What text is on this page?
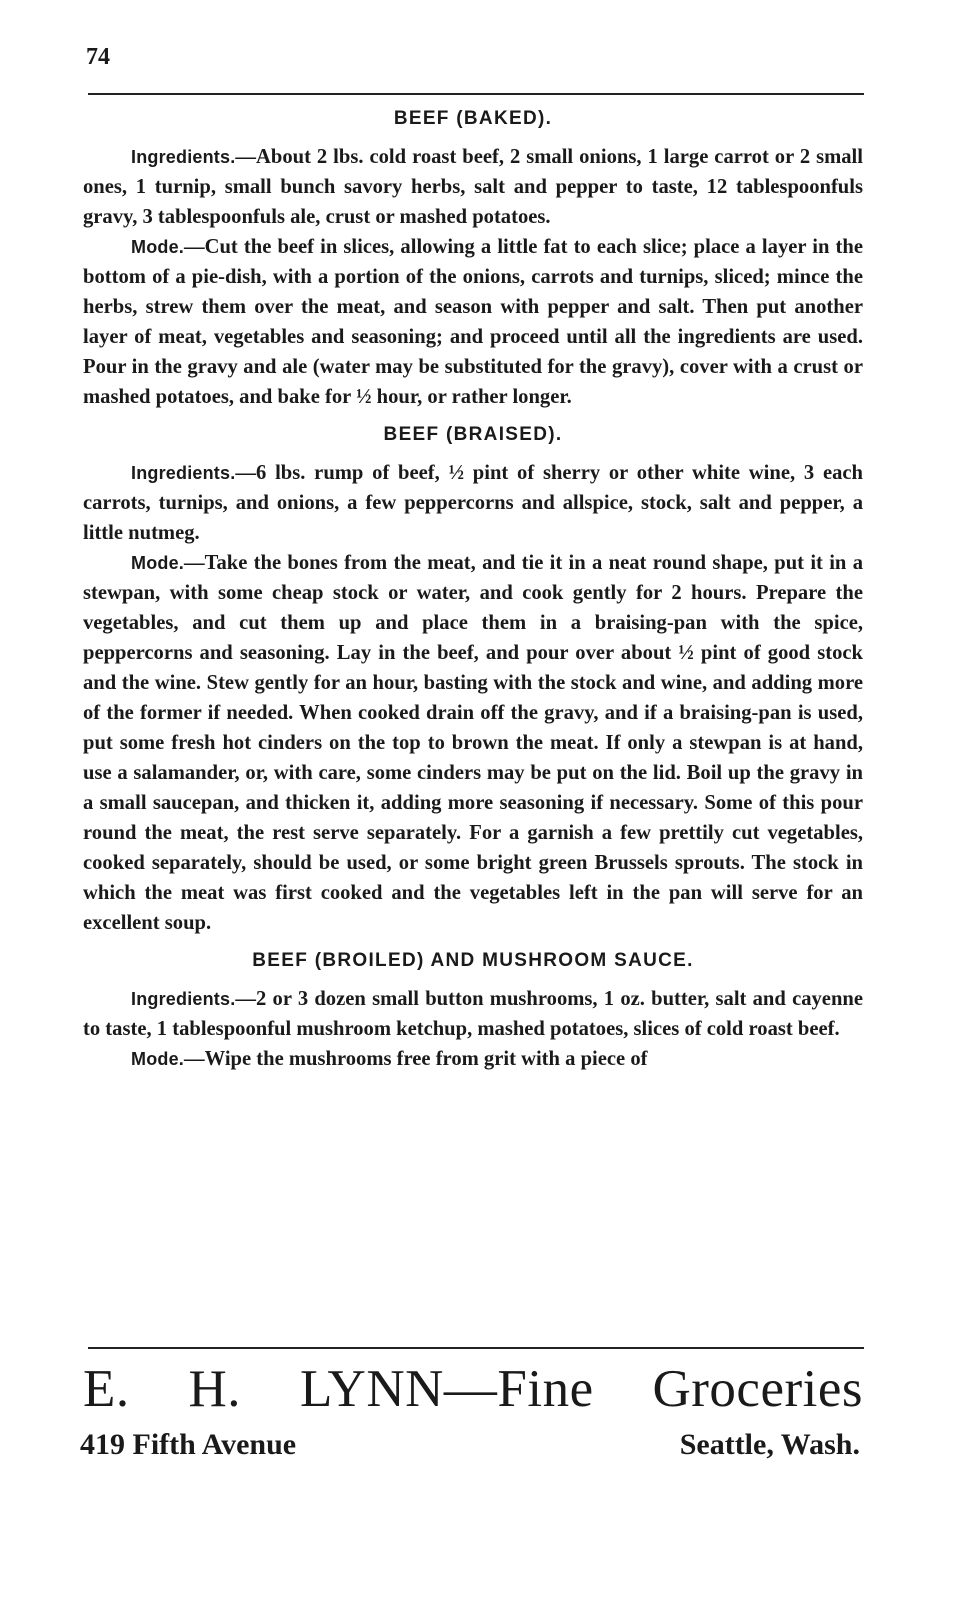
74
BEEF (BAKED).

Ingredients.—About 2 lbs. cold roast beef, 2 small onions, 1 large carrot or 2 small ones, 1 turnip, small bunch savory herbs, salt and pepper to taste, 12 tablespoonfuls gravy, 3 tablespoonfuls ale, crust or mashed potatoes.

Mode.—Cut the beef in slices, allowing a little fat to each slice; place a layer in the bottom of a pie-dish, with a portion of the onions, carrots and turnips, sliced; mince the herbs, strew them over the meat, and season with pepper and salt. Then put another layer of meat, vegetables and seasoning; and proceed until all the ingredients are used. Pour in the gravy and ale (water may be substituted for the gravy), cover with a crust or mashed potatoes, and bake for ½ hour, or rather longer.

BEEF (BRAISED).

Ingredients.—6 lbs. rump of beef, ½ pint of sherry or other white wine, 3 each carrots, turnips, and onions, a few peppercorns and allspice, stock, salt and pepper, a little nutmeg.

Mode.—Take the bones from the meat, and tie it in a neat round shape, put it in a stewpan, with some cheap stock or water, and cook gently for 2 hours. Prepare the vegetables, and cut them up and place them in a braising-pan with the spice, peppercorns and seasoning. Lay in the beef, and pour over about ½ pint of good stock and the wine. Stew gently for an hour, basting with the stock and wine, and adding more of the former if needed. When cooked drain off the gravy, and if a braising-pan is used, put some fresh hot cinders on the top to brown the meat. If only a stewpan is at hand, use a salamander, or, with care, some cinders may be put on the lid. Boil up the gravy in a small saucepan, and thicken it, adding more seasoning if necessary. Some of this pour round the meat, the rest serve separately. For a garnish a few prettily cut vegetables, cooked separately, should be used, or some bright green Brussels sprouts. The stock in which the meat was first cooked and the vegetables left in the pan will serve for an excellent soup.

BEEF (BROILED) AND MUSHROOM SAUCE.

Ingredients.—2 or 3 dozen small button mushrooms, 1 oz. butter, salt and cayenne to taste, 1 tablespoonful mushroom ketchup, mashed potatoes, slices of cold roast beef.

Mode.—Wipe the mushrooms free from grit with a piece of

E. H. LYNN—Fine Groceries
419 Fifth Avenue	Seattle, Wash.
